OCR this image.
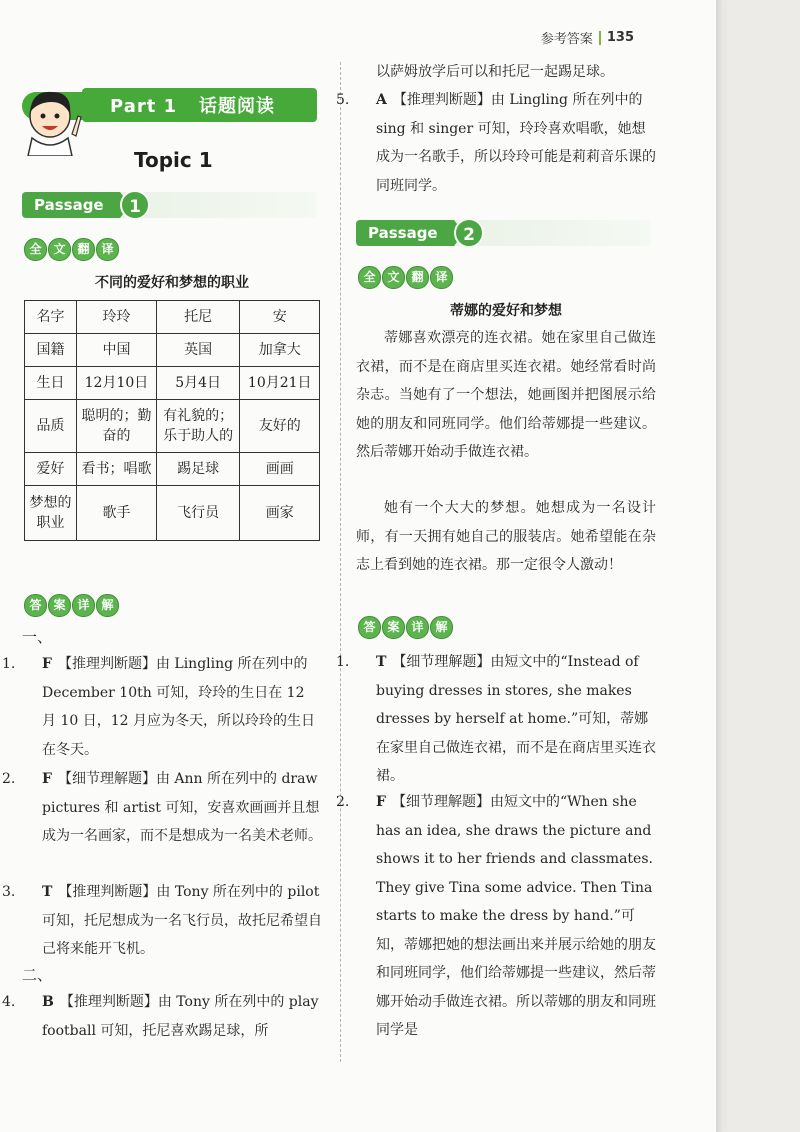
参考答案 135
Part 1 话题阅读
Topic 1
Passage	1
全 文 翻 译
不同的爱好和梦想的职业
名字	玲玲	托尼	安
国籍	中国	英国	加拿大
生日	12月10日	5月4日	10月21日
品质	聪明的；勤奋的	有礼貌的；乐于助人的	友好的
爱好	看书；唱歌	踢足球	画画
梦想的职业	歌手	飞行员	画家
答 案 详 解
一、
1. F 【推理判断题】由 Lingling 所在列中的 December 10th 可知，玲玲的生日在 12 月 10 日，12 月应为冬天，所以玲玲的生日在冬天。
2. F 【细节理解题】由 Ann 所在列中的 draw pictures 和 artist 可知，安喜欢画画并且想成为一名画家，而不是想成为一名美术老师。
3. T 【推理判断题】由 Tony 所在列中的 pilot 可知，托尼想成为一名飞行员，故托尼希望自己将来能开飞机。
二、
4. B 【推理判断题】由 Tony 所在列中的 play football 可知，托尼喜欢踢足球，所
以萨姆放学后可以和托尼一起踢足球。
5. A 【推理判断题】由 Lingling 所在列中的 sing 和 singer 可知，玲玲喜欢唱歌，她想成为一名歌手，所以玲玲可能是莉莉音乐课的同班同学。
Passage	2
全 文 翻 译
蒂娜的爱好和梦想
蒂娜喜欢漂亮的连衣裙。她在家里自己做连衣裙，而不是在商店里买连衣裙。她经常看时尚杂志。当她有了一个想法，她画图并把图展示给她的朋友和同班同学。他们给蒂娜提一些建议。然后蒂娜开始动手做连衣裙。
她有一个大大的梦想。她想成为一名设计师，有一天拥有她自己的服装店。她希望能在杂志上看到她的连衣裙。那一定很令人激动！
答 案 详 解
1. T 【细节理解题】由短文中的“Instead of buying dresses in stores, she makes dresses by herself at home.”可知，蒂娜在家里自己做连衣裙，而不是在商店里买连衣裙。
2. F 【细节理解题】由短文中的“When she has an idea, she draws the picture and shows it to her friends and classmates. They give Tina some advice. Then Tina starts to make the dress by hand.”可知，蒂娜把她的想法画出来并展示给她的朋友和同班同学，他们给蒂娜提一些建议，然后蒂娜开始动手做连衣裙。所以蒂娜的朋友和同班同学是
